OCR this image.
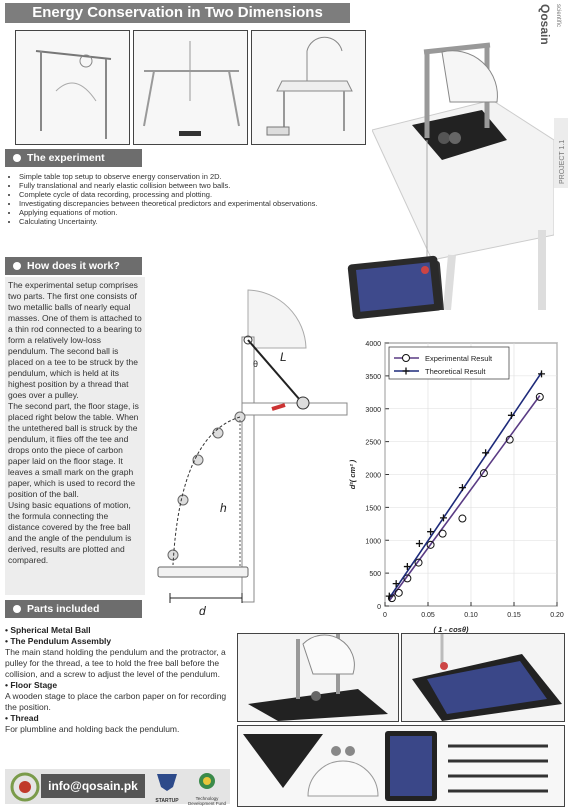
Energy Conservation in Two Dimensions	Qosain scientific
PROJECT 1.1
The experiment
• Simple table top setup to observe energy conservation in 2D.
• Fully translational and nearly elastic collision between two balls.
• Complete cycle of data recording, processing and plotting.
• Investigating discrepancies between theoretical predictors and experimental observations.
• Applying equations of motion.
• Calculating Uncertainty.
How does it work?

The experimental setup comprises two parts. The first one consists of two metallic balls of nearly equal masses. One of them is attached to a thin rod connected to a bearing to form a relatively low-loss pendulum. The second ball is placed on a tee to be struck by the pendulum, which is held at its highest position by a thread that goes over a pulley.

The second part, the floor stage, is placed right below the table. When the untethered ball is struck by the pendulum, it flies off the tee and drops onto the piece of carbon paper laid on the floor stage. It leaves a small mark on the graph paper, which is used to record the position of the ball.

Using basic equations of motion, the formula connecting the distance covered by the free ball and the angle of the pendulum is derived, results are plotted and compared.

θ L
h
d	0
500
1000
1500
2000
2500
3000
3500
4000
0	0.05	0.10	0.15	0.20
( 1 - cosθ)
d²( cm² )
Experimental Result
Theoretical Result
Parts included
• Spherical Metal Ball
• The Pendulum Assembly
The main stand holding the pendulum and the protractor, a pulley for the thread, a tee to hold the free ball before the collision, and a screw to adjust the level of the pendulum.
• Floor Stage
A wooden stage to place the carbon paper on for recording the position.
• Thread
For plumbline and holding back the pendulum.
info@qosain.pk
STARTUP	Technology Development Fund
